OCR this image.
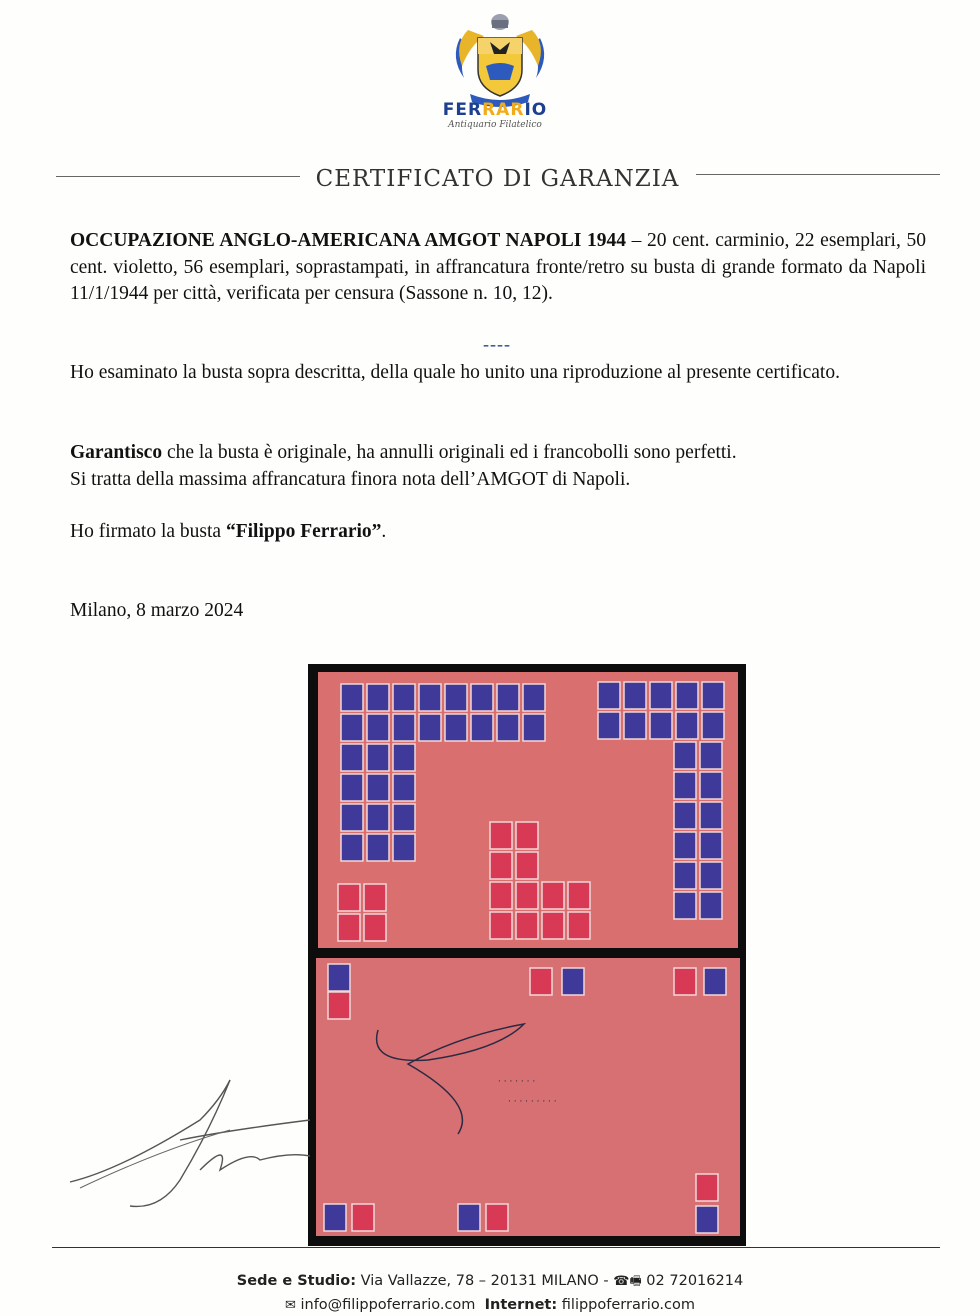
FERRARIO
Antiquario Filatelico
CERTIFICATO DI GARANZIA
OCCUPAZIONE ANGLO-AMERICANA AMGOT NAPOLI 1944 – 20 cent. carminio, 22 esemplari, 50 cent. violetto, 56 esemplari, soprastampati, in affrancatura fronte/retro su busta di grande formato da Napoli 11/1/1944 per città, verificata per censura (Sassone n. 10, 12).
----
Ho esaminato la busta sopra descritta, della quale ho unito una riproduzione al presente certificato.
Garantisco che la busta è originale, ha annulli originali ed i francobolli sono perfetti.
Si tratta della massima affrancatura finora nota dell’AMGOT di Napoli.
Ho firmato la busta “Filippo Ferrario”.
Milano, 8 marzo 2024
· · · · · · ·
· · · · · · · · ·
Sede e Studio: Via Vallazze, 78 – 20131 MILANO - ☎🖷 02 72016214
✉ info@filippoferrario.com Internet: filippoferrario.com
